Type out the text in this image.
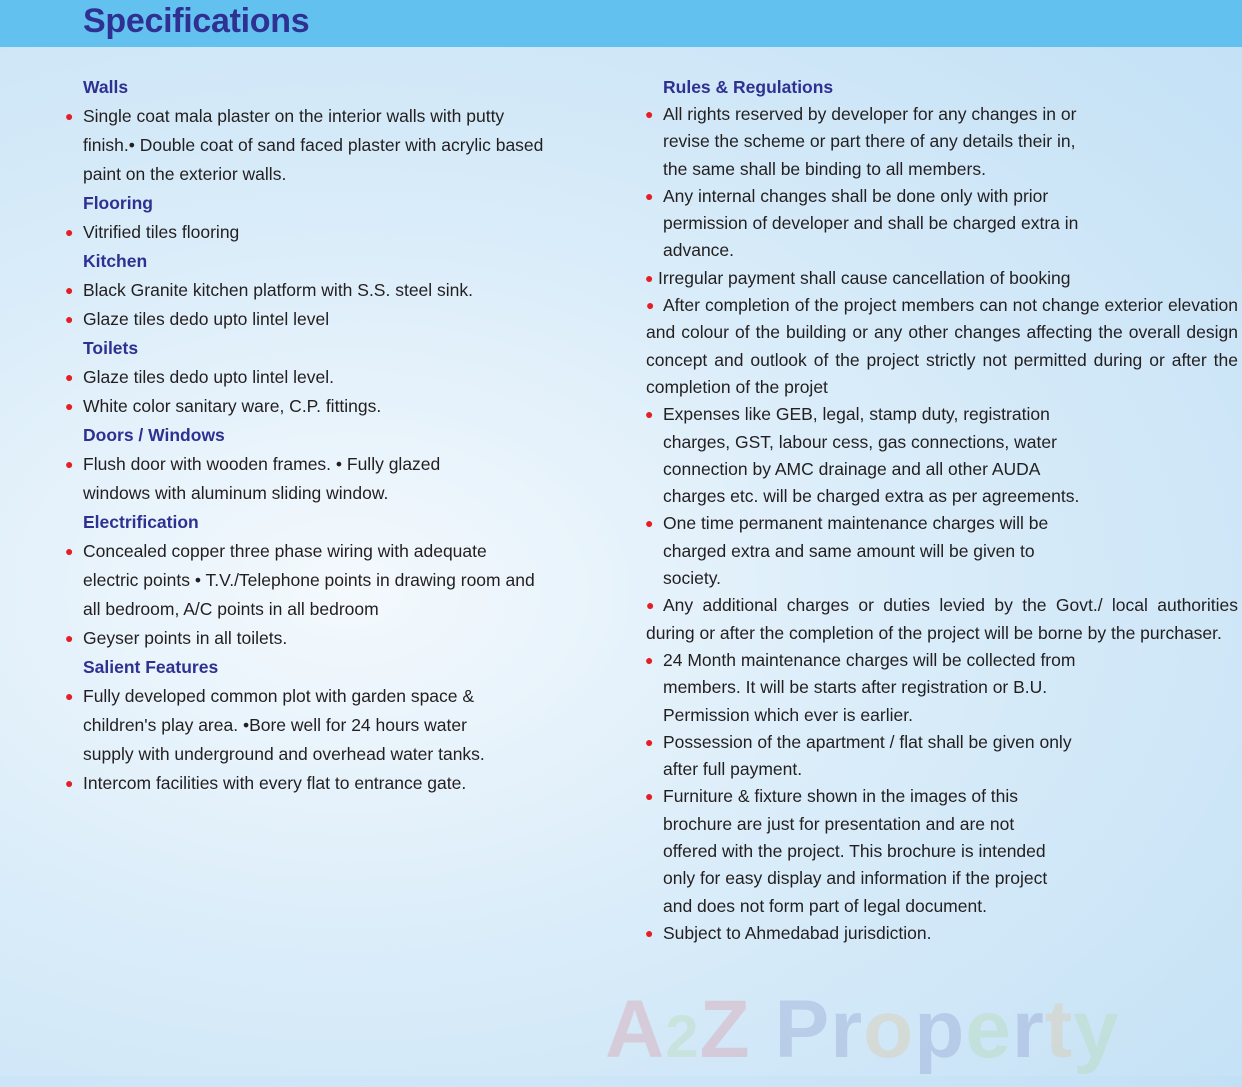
Specifications
Walls
● Single coat mala plaster on the interior walls with putty finish.• Double coat of sand faced plaster with acrylic based paint on the exterior walls.
Flooring
● Vitrified tiles flooring
Kitchen
● Black Granite kitchen platform with S.S. steel sink.
● Glaze tiles dedo upto lintel level
Toilets
● Glaze tiles dedo upto lintel level.
● White color sanitary ware, C.P. fittings.
Doors / Windows
● Flush door with wooden frames. • Fully glazed windows with aluminum sliding window.
Electrification
● Concealed copper three phase wiring with adequate electric points • T.V./Telephone points in drawing room and all bedroom, A/C points in all bedroom
● Geyser points in all toilets.
Salient Features
● Fully developed common plot with garden space & children's play area. •Bore well for 24 hours water supply with underground and overhead water tanks.
● Intercom facilities with every flat to entrance gate.
Rules & Regulations
● All rights reserved by developer for any changes in or revise the scheme or part there of any details their in, the same shall be binding to all members.
● Any internal changes shall be done only with prior permission of developer and shall be charged extra in advance.
● Irregular payment shall cause cancellation of booking
● After completion of the project members can not change exterior elevation and colour of the building or any other changes affecting the overall design concept and outlook of the project strictly not permitted during or after the completion of the projet
● Expenses like GEB, legal, stamp duty, registration charges, GST, labour cess, gas connections, water connection by AMC drainage and all other AUDA charges etc. will be charged extra as per agreements.
● One time permanent maintenance charges will be charged extra and same amount will be given to society.
● Any additional charges or duties levied by the Govt./ local authorities during or after the completion of the project will be borne by the purchaser.
● 24 Month maintenance charges will be collected from members. It will be starts after registration or B.U. Permission which ever is earlier.
● Possession of the apartment / flat shall be given only after full payment.
● Furniture & fixture shown in the images of this brochure are just for presentation and are not offered with the project. This brochure is intended only for easy display and information if the project and does not form part of legal document.
● Subject to Ahmedabad jurisdiction.
A2Z Property
